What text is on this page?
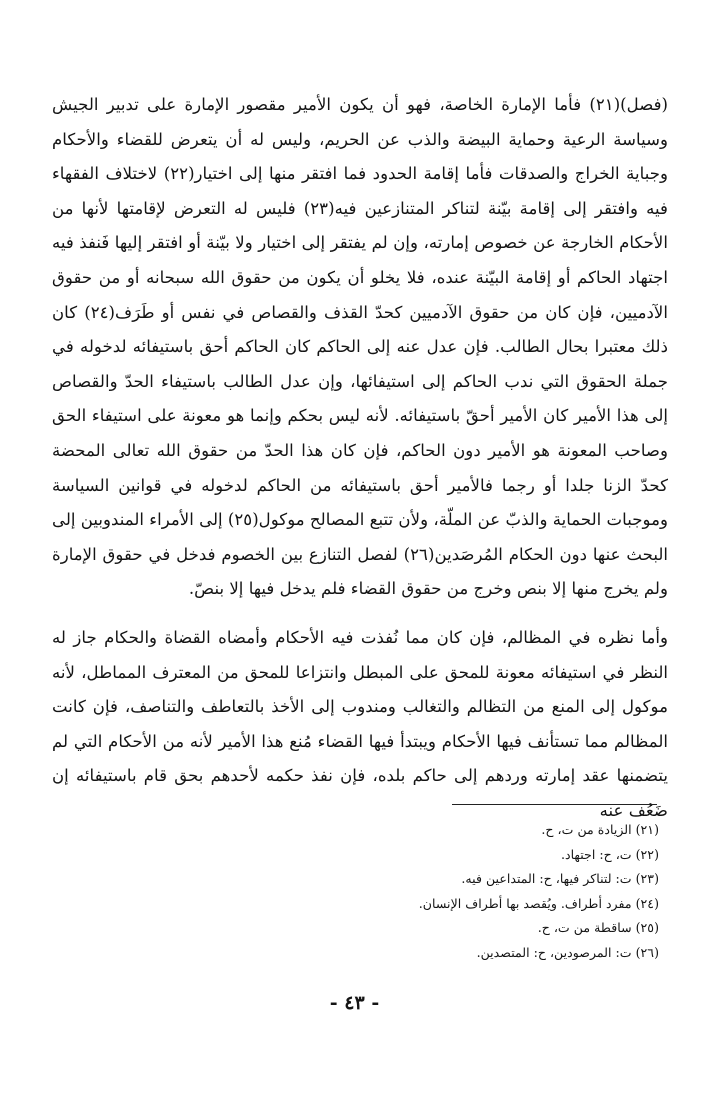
(فصل)(٢١) فأما الإمارة الخاصة، فهو أن يكون الأمير مقصور الإمارة على تدبير الجيش وسياسة الرعية وحماية البيضة والذب عن الحريم، وليس له أن يتعرض للقضاء والأحكام وجباية الخراج والصدقات فأما إقامة الحدود فما افتقر منها إلى اختيار(٢٢) لاختلاف الفقهاء فيه وافتقر إلى إقامة بيّنة لتناكر المتنازعين فيه(٢٣) فليس له التعرض لإقامتها لأنها من الأحكام الخارجة عن خصوص إمارته، وإن لم يفتقر إلى اختيار ولا بيّنة أو افتقر إليها فَنفذ فيه اجتهاد الحاكم أو إقامة البيّنة عنده، فلا يخلو أن يكون من حقوق الله سبحانه أو من حقوق الآدميين، فإن كان من حقوق الآدميين كحدّ القذف والقصاص في نفس أو طَرَف(٢٤) كان ذلك معتبرا بحال الطالب. فإن عدل عنه إلى الحاكم كان الحاكم أحق باستيفائه لدخوله في جملة الحقوق التي ندب الحاكم إلى استيفائها، وإن عدل الطالب باستيفاء الحدّ والقصاص إلى هذا الأمير كان الأمير أحقّ باستيفائه. لأنه ليس بحكم وإنما هو معونة على استيفاء الحق وصاحب المعونة هو الأمير دون الحاكم، فإن كان هذا الحدّ من حقوق الله تعالى المحضة كحدّ الزنا جلدا أو رجما فالأمير أحق باستيفائه من الحاكم لدخوله في قوانين السياسة وموجبات الحماية والذبّ عن الملّة، ولأن تتبع المصالح موكول(٢٥) إلى الأمراء المندوبين إلى البحث عنها دون الحكام المُرصَدين(٢٦) لفصل التنازع بين الخصوم فدخل في حقوق الإمارة ولم يخرج منها إلا بنص وخرج من حقوق القضاء فلم يدخل فيها إلا بنصّ.

وأما نظره في المظالم، فإن كان مما نُفذت فيه الأحكام وأمضاه القضاة والحكام جاز له النظر في استيفائه معونة للمحق على المبطل وانتزاعا للمحق من المعترف المماطل، لأنه موكول إلى المنع من التظالم والتغالب ومندوب إلى الأخذ بالتعاطف والتناصف، فإن كانت المظالم مما تستأنف فيها الأحكام ويبتدأ فيها القضاء مُنع هذا الأمير لأنه من الأحكام التي لم يتضمنها عقد إمارته وردهم إلى حاكم بلده، فإن نفذ حكمه لأحدهم بحق قام باستيفائه إن ضَعُف عنه

(٢١) الزيادة من ت، ح.
(٢٢) ت، ح: اجتهاد.
(٢٣) ت: لتناكر فيها، ح: المتداعين فيه.
(٢٤) مفرد أطراف. ويُقصد بها أطراف الإنسان.
(٢٥) ساقطة من ت، ح.
(٢٦) ت: المرصودين، ح: المتصدين.
- ٤٣ -
